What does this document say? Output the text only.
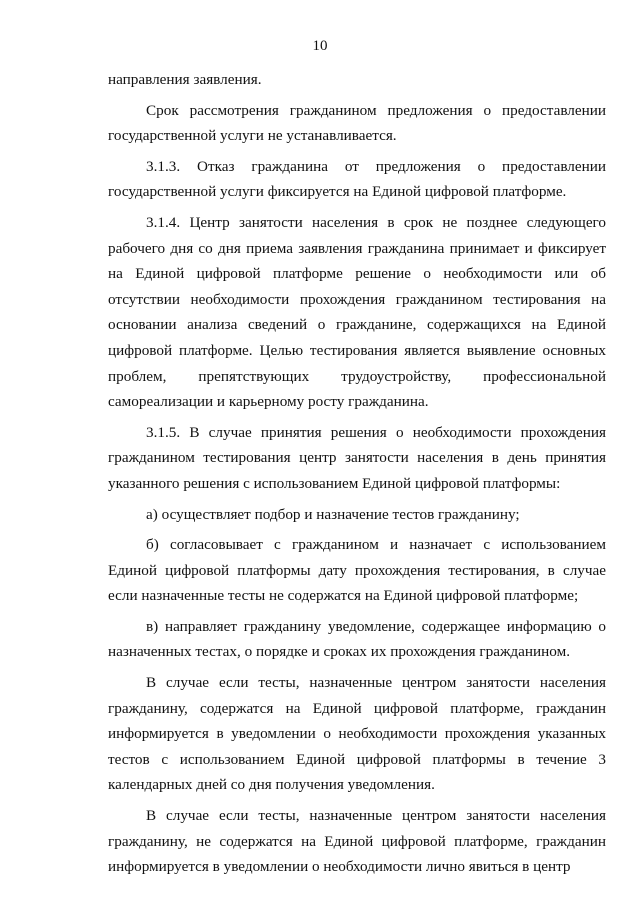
10

направления заявления.

Срок рассмотрения гражданином предложения о предоставлении государственной услуги не устанавливается.

3.1.3. Отказ гражданина от предложения о предоставлении государственной услуги фиксируется на Единой цифровой платформе.

3.1.4. Центр занятости населения в срок не позднее следующего рабочего дня со дня приема заявления гражданина принимает и фиксирует на Единой цифровой платформе решение о необходимости или об отсутствии необходимости прохождения гражданином тестирования на основании анализа сведений о гражданине, содержащихся на Единой цифровой платформе. Целью тестирования является выявление основных проблем, препятствующих трудоустройству, профессиональной самореализации и карьерному росту гражданина.

3.1.5. В случае принятия решения о необходимости прохождения гражданином тестирования центр занятости населения в день принятия указанного решения с использованием Единой цифровой платформы:

а) осуществляет подбор и назначение тестов гражданину;

б) согласовывает с гражданином и назначает с использованием Единой цифровой платформы дату прохождения тестирования, в случае если назначенные тесты не содержатся на Единой цифровой платформе;

в) направляет гражданину уведомление, содержащее информацию о назначенных тестах, о порядке и сроках их прохождения гражданином.

В случае если тесты, назначенные центром занятости населения гражданину, содержатся на Единой цифровой платформе, гражданин информируется в уведомлении о необходимости прохождения указанных тестов с использованием Единой цифровой платформы в течение 3 календарных дней со дня получения уведомления.

В случае если тесты, назначенные центром занятости населения гражданину, не содержатся на Единой цифровой платформе, гражданин информируется в уведомлении о необходимости лично явиться в центр
